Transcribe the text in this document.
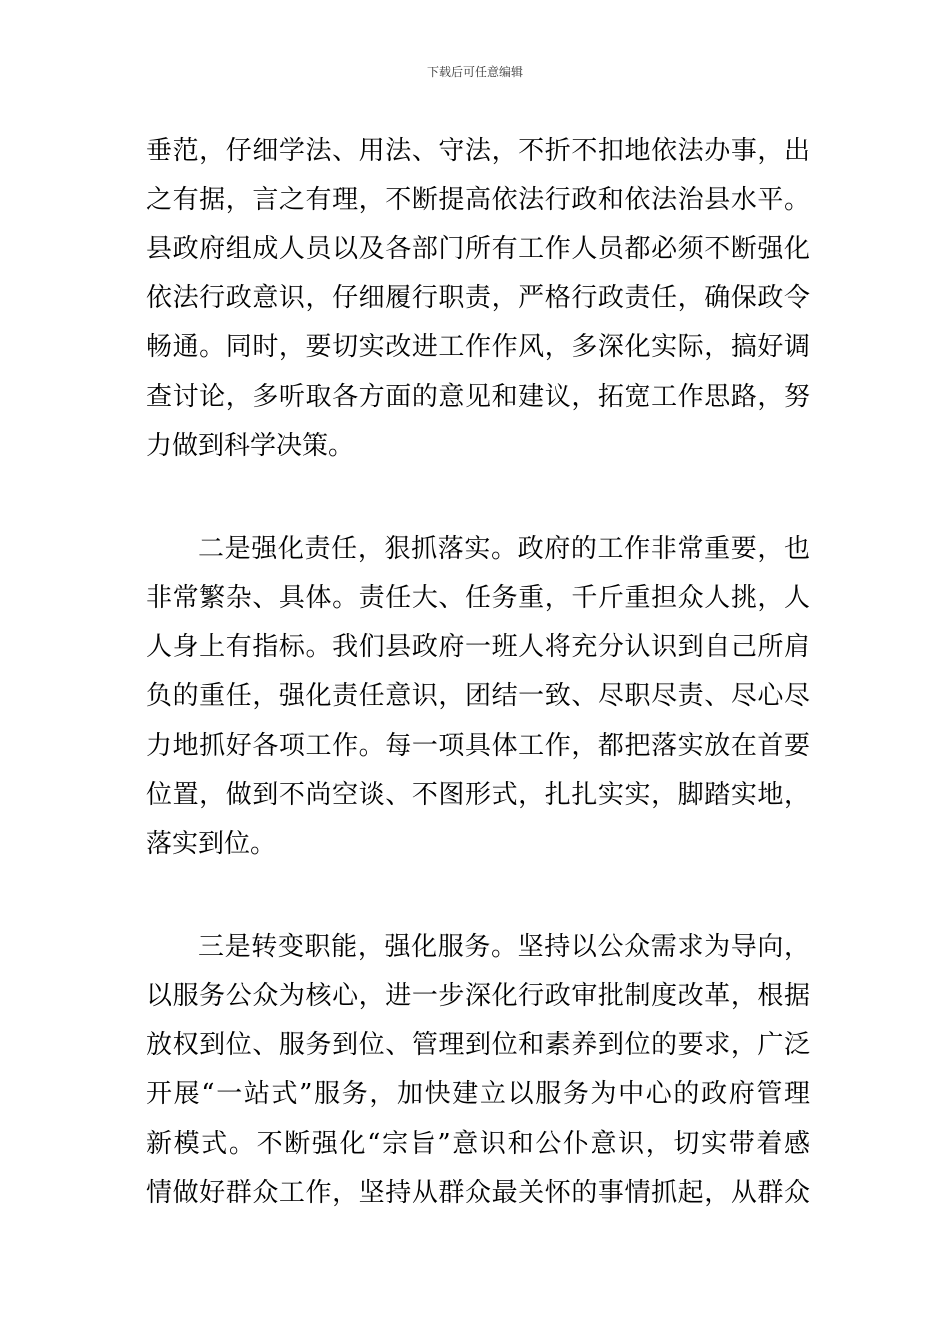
下载后可任意编辑
垂范，仔细学法、用法、守法，不折不扣地依法办事，出
之有据，言之有理，不断提高依法行政和依法治县水平。
县政府组成人员以及各部门所有工作人员都必须不断强化
依法行政意识，仔细履行职责，严格行政责任，确保政令
畅通。同时，要切实改进工作作风，多深化实际，搞好调
查讨论，多听取各方面的意见和建议，拓宽工作思路，努
力做到科学决策。
二是强化责任，狠抓落实。政府的工作非常重要，也
非常繁杂、具体。责任大、任务重，千斤重担众人挑，人
人身上有指标。我们县政府一班人将充分认识到自己所肩
负的重任，强化责任意识，团结一致、尽职尽责、尽心尽
力地抓好各项工作。每一项具体工作，都把落实放在首要
位置，做到不尚空谈、不图形式，扎扎实实，脚踏实地，
落实到位。
三是转变职能，强化服务。坚持以公众需求为导向，
以服务公众为核心，进一步深化行政审批制度改革，根据
放权到位、服务到位、管理到位和素养到位的要求，广泛
开展“一站式”服务，加快建立以服务为中心的政府管理
新模式。不断强化“宗旨”意识和公仆意识，切实带着感
情做好群众工作，坚持从群众最关怀的事情抓起，从群众
